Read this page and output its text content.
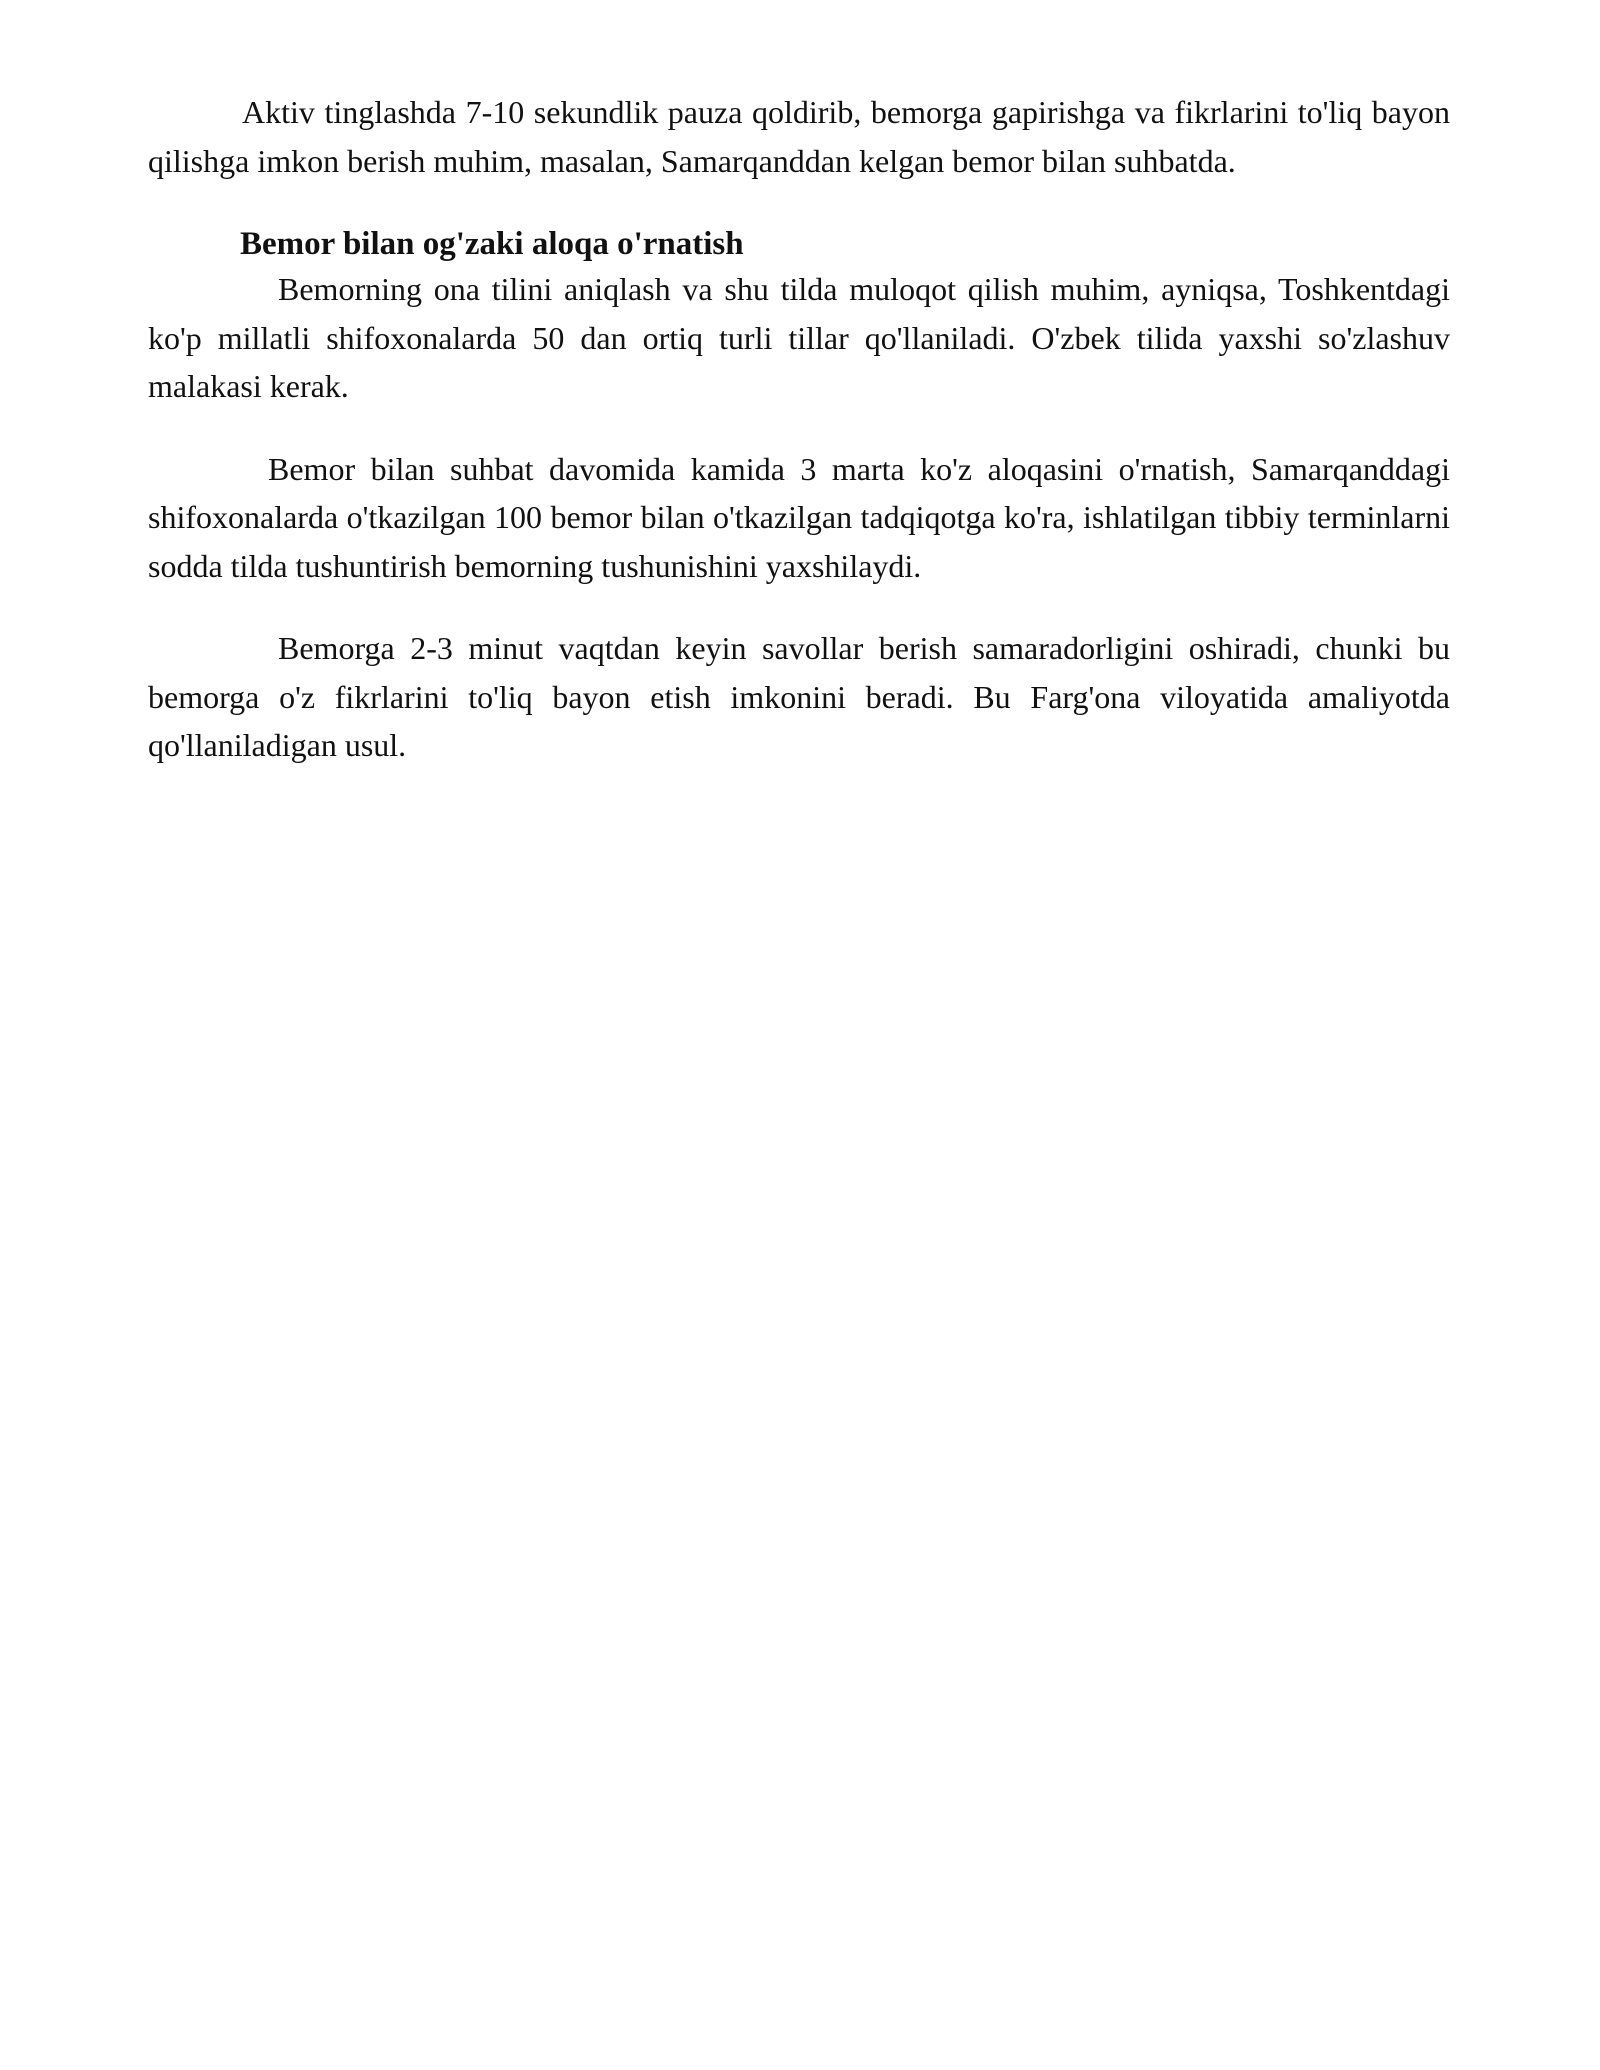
Aktiv tinglashda 7-10 sekundlik pauza qoldirib, bemorga gapirishga va fikrlarini to'liq bayon qilishga imkon berish muhim, masalan, Samarqanddan kelgan bemor bilan suhbatda.

Bemor bilan og'zaki aloqa o'rnatish

Bemorning ona tilini aniqlash va shu tilda muloqot qilish muhim, ayniqsa, Toshkentdagi ko'p millatli shifoxonalarda 50 dan ortiq turli tillar qo'llaniladi. O'zbek tilida yaxshi so'zlashuv malakasi kerak.

Bemor bilan suhbat davomida kamida 3 marta ko'z aloqasini o'rnatish, Samarqanddagi shifoxonalarda o'tkazilgan 100 bemor bilan o'tkazilgan tadqiqotga ko'ra, ishlatilgan tibbiy terminlarni sodda tilda tushuntirish bemorning tushunishini yaxshilaydi.

Bemorga 2-3 minut vaqtdan keyin savollar berish samaradorligini oshiradi, chunki bu bemorga o'z fikrlarini to'liq bayon etish imkonini beradi. Bu Farg'ona viloyatida amaliyotda qo'llaniladigan usul.
